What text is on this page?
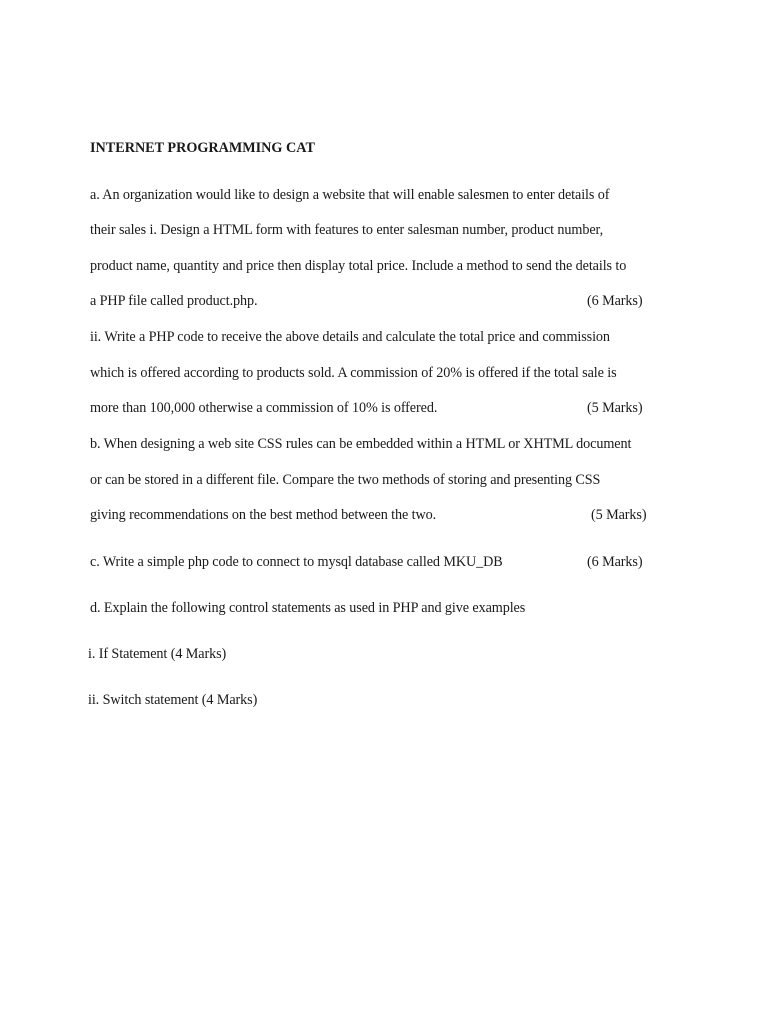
INTERNET PROGRAMMING CAT
a. An organization would like to design a website that will enable salesmen to enter details of
their sales i. Design a HTML form with features to enter salesman number, product number,
product name, quantity and price then display total price. Include a method to send the details to
a PHP file called product.php.	(6 Marks)
ii. Write a PHP code to receive the above details and calculate the total price and commission
which is offered according to products sold. A commission of 20% is offered if the total sale is
more than 100,000 otherwise a commission of 10% is offered.	(5 Marks)
b. When designing a web site CSS rules can be embedded within a HTML or XHTML document
or can be stored in a different file. Compare the two methods of storing and presenting CSS
giving recommendations on the best method between the two.	(5 Marks)
c. Write a simple php code to connect to mysql database called MKU_DB	(6 Marks)
d. Explain the following control statements as used in PHP and give examples
i. If Statement (4 Marks)
ii. Switch statement (4 Marks)
